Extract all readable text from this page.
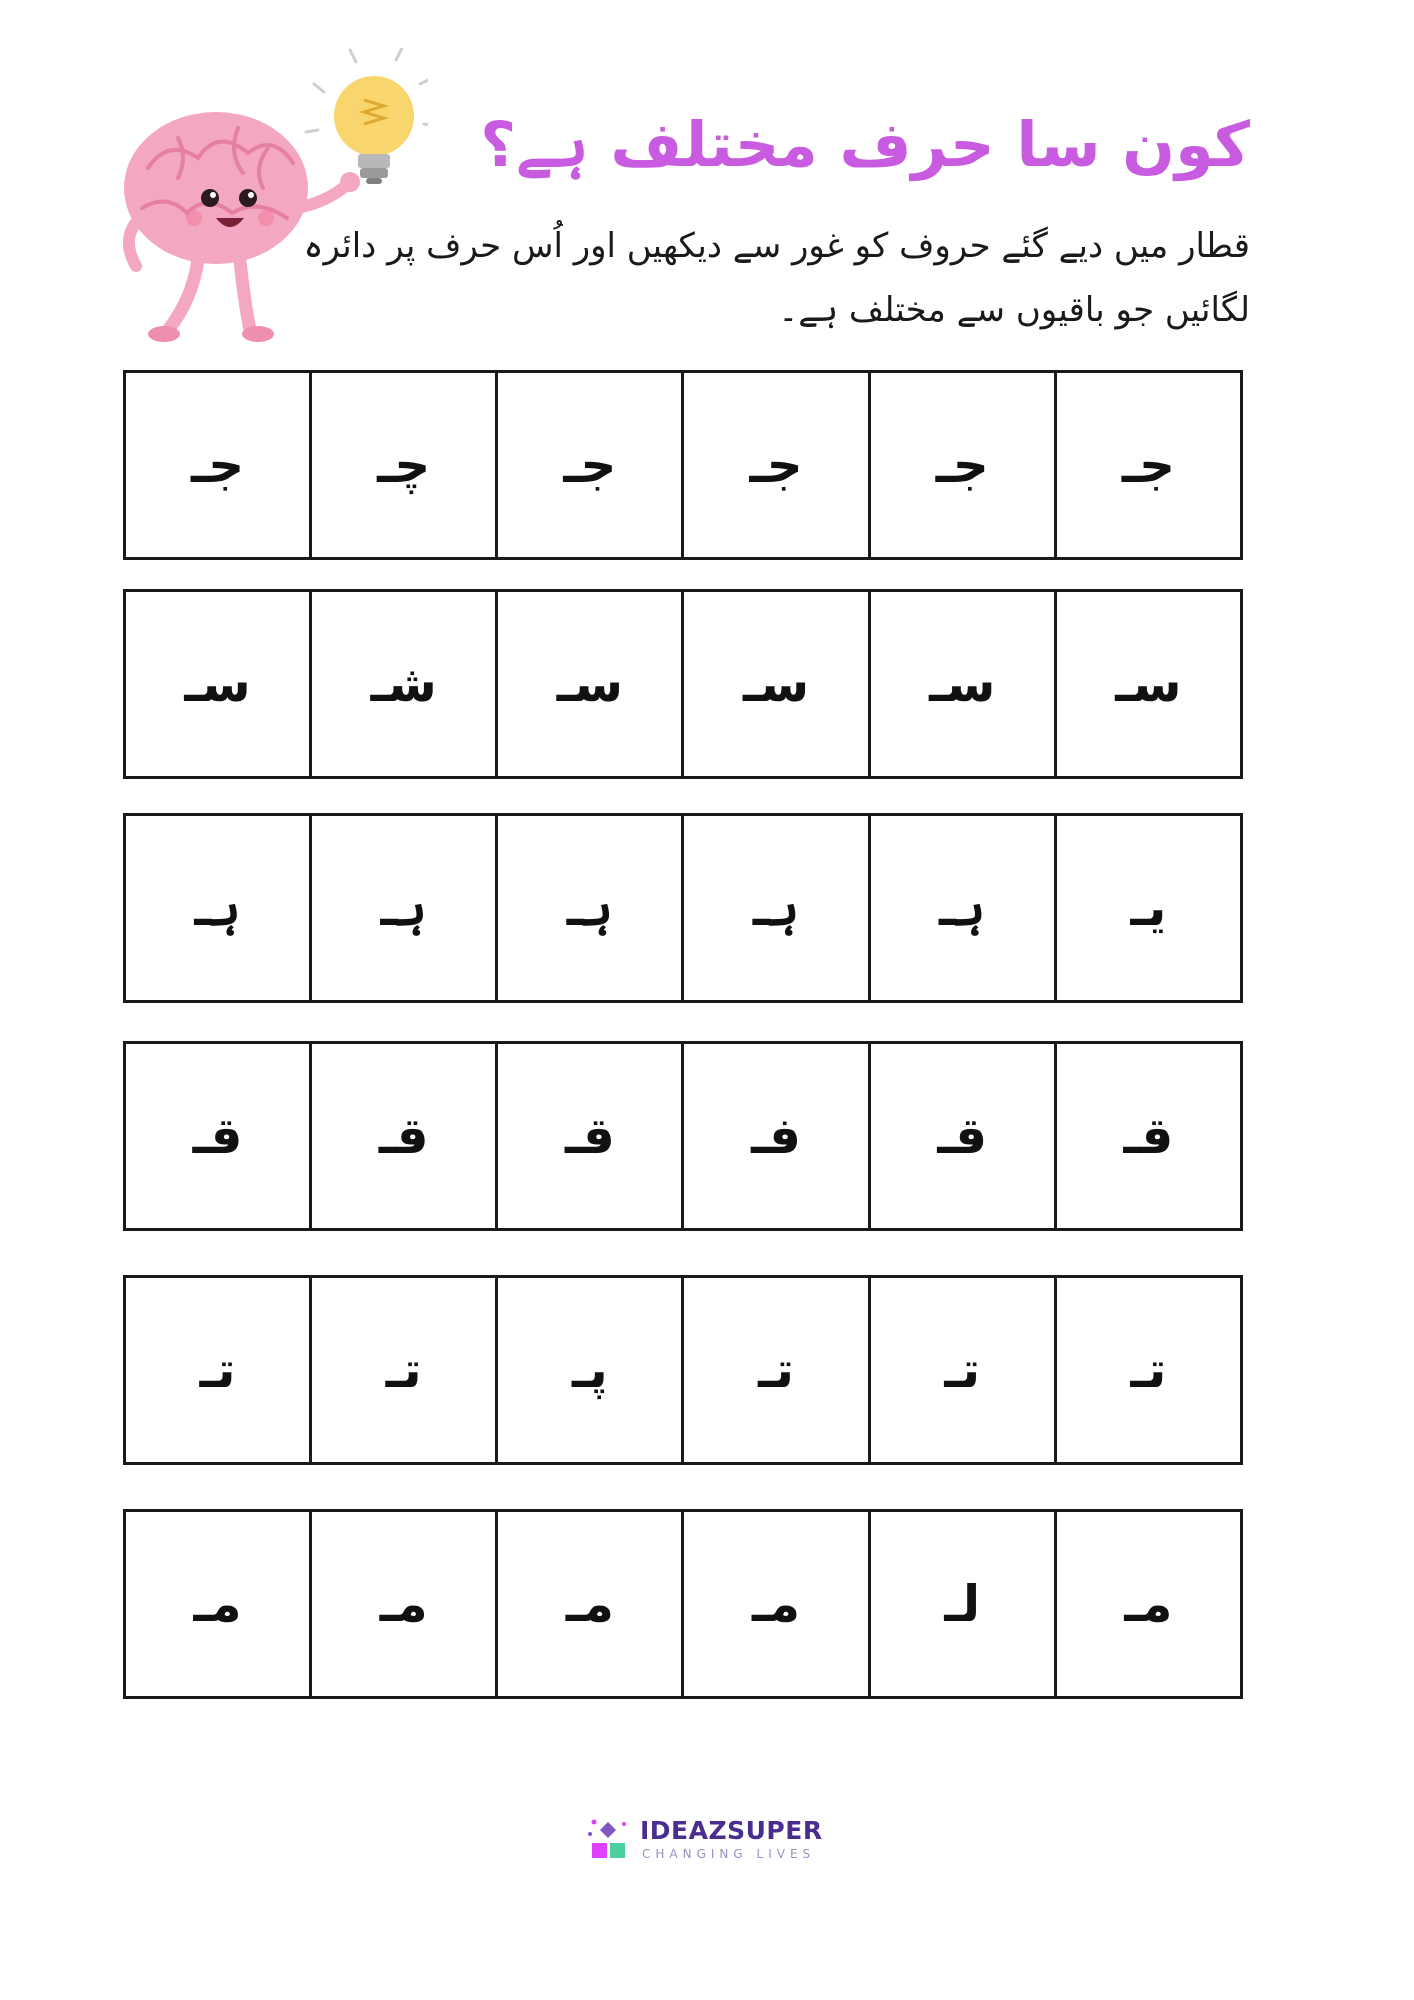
کون سا حرف مختلف ہے؟
قطار میں دیے گئے حروف کو غور سے دیکھیں اور اُس حرف پر دائرہ لگائیں جو باقیوں سے مختلف ہے۔
جـ
جـ
جـ
جـ
چـ
جـ
سـ
سـ
سـ
سـ
شـ
سـ
یـ
ہـ
ہـ
ہـ
ہـ
ہـ
قـ
قـ
فـ
قـ
قـ
قـ
تـ
تـ
تـ
پـ
تـ
تـ
مـ
لـ
مـ
مـ
مـ
مـ
IDEAZSUPER
CHANGING LIVES
